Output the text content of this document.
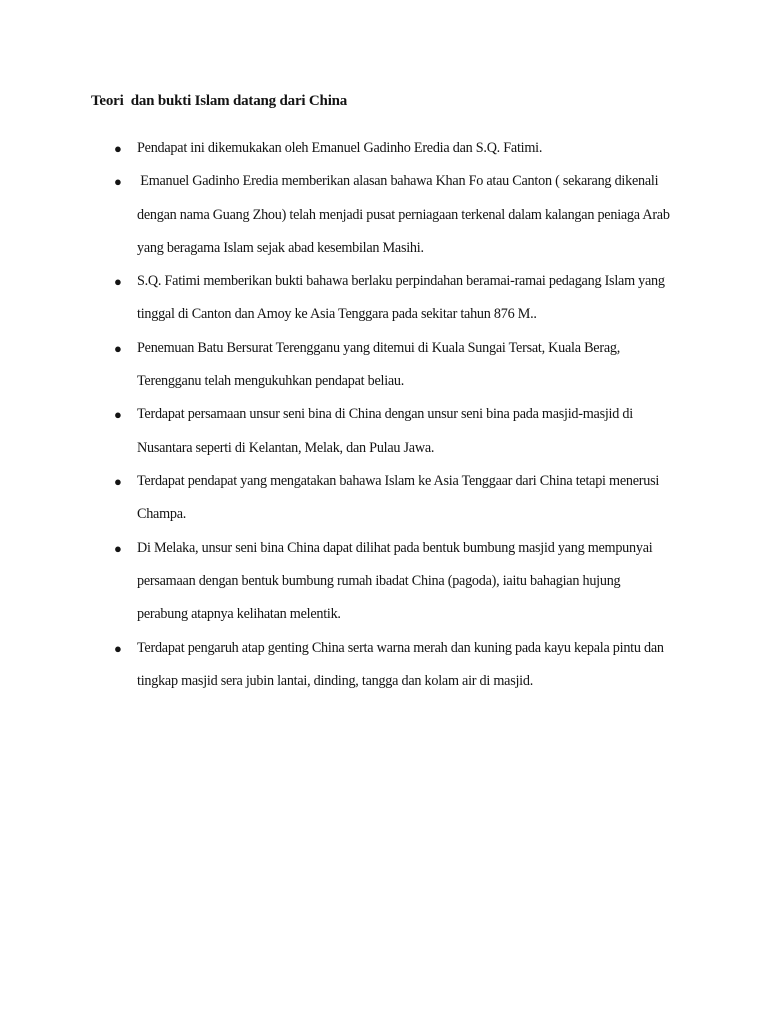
Teori  dan bukti Islam datang dari China
● Pendapat ini dikemukakan oleh Emanuel Gadinho Eredia dan S.Q. Fatimi.

● Emanuel Gadinho Eredia memberikan alasan bahawa Khan Fo atau Canton ( sekarang dikenali

dengan nama Guang Zhou) telah menjadi pusat perniagaan terkenal dalam kalangan peniaga Arab

yang beragama Islam sejak abad kesembilan Masihi.

● S.Q. Fatimi memberikan bukti bahawa berlaku perpindahan beramai-ramai pedagang Islam yang

tinggal di Canton dan Amoy ke Asia Tenggara pada sekitar tahun 876 M..

● Penemuan Batu Bersurat Terengganu yang ditemui di Kuala Sungai Tersat, Kuala Berag,

Terengganu telah mengukuhkan pendapat beliau.

● Terdapat persamaan unsur seni bina di China dengan unsur seni bina pada masjid-masjid di

Nusantara seperti di Kelantan, Melak, dan Pulau Jawa.

● Terdapat pendapat yang mengatakan bahawa Islam ke Asia Tenggaar dari China tetapi menerusi

Champa.

● Di Melaka, unsur seni bina China dapat dilihat pada bentuk bumbung masjid yang mempunyai

persamaan dengan bentuk bumbung rumah ibadat China (pagoda), iaitu bahagian hujung

perabung atapnya kelihatan melentik.

● Terdapat pengaruh atap genting China serta warna merah dan kuning pada kayu kepala pintu dan

tingkap masjid sera jubin lantai, dinding, tangga dan kolam air di masjid.
